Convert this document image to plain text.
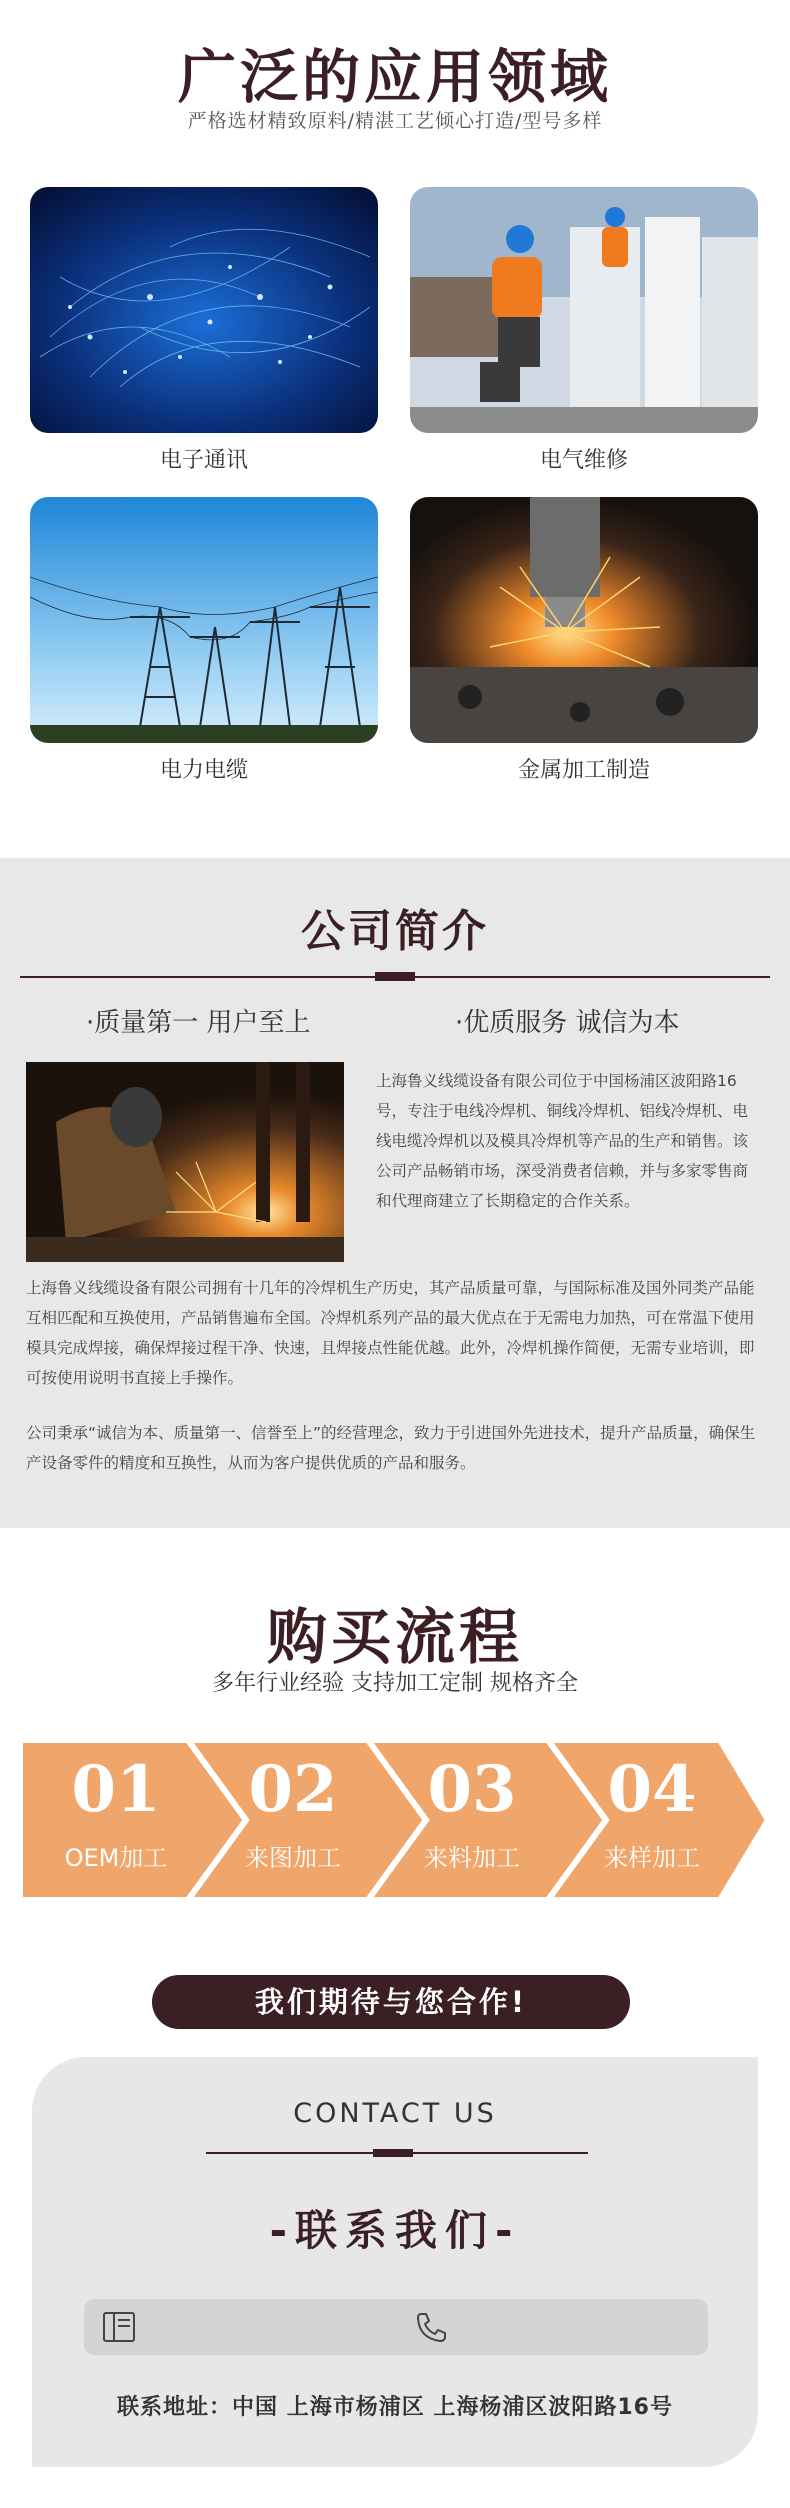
广泛的应用领域
严格选材精致原料/精湛工艺倾心打造/型号多样
电子通讯	电气维修
电力电缆	金属加工制造
公司简介
·质量第一 用户至上	·优质服务 诚信为本
上海鲁义线缆设备有限公司位于中国杨浦区波阳路16号，专注于电线冷焊机、铜线冷焊机、铝线冷焊机、电线电缆冷焊机以及模具冷焊机等产品的生产和销售。该公司产品畅销市场，深受消费者信赖，并与多家零售商和代理商建立了长期稳定的合作关系。
上海鲁义线缆设备有限公司拥有十几年的冷焊机生产历史，其产品质量可靠，与国际标准及国外同类产品能互相匹配和互换使用，产品销售遍布全国。冷焊机系列产品的最大优点在于无需电力加热，可在常温下使用模具完成焊接，确保焊接过程干净、快速，且焊接点性能优越。此外，冷焊机操作简便，无需专业培训，即可按使用说明书直接上手操作。
公司秉承“诚信为本、质量第一、信誉至上”的经营理念，致力于引进国外先进技术，提升产品质量，确保生产设备零件的精度和互换性，从而为客户提供优质的产品和服务。
购买流程
多年行业经验 支持加工定制 规格齐全
01
OEM加工
02
来图加工
03
来料加工
04
来样加工
我们期待与您合作!
CONTACT US
-联系我们-
联系地址：中国 上海市杨浦区 上海杨浦区波阳路16号
